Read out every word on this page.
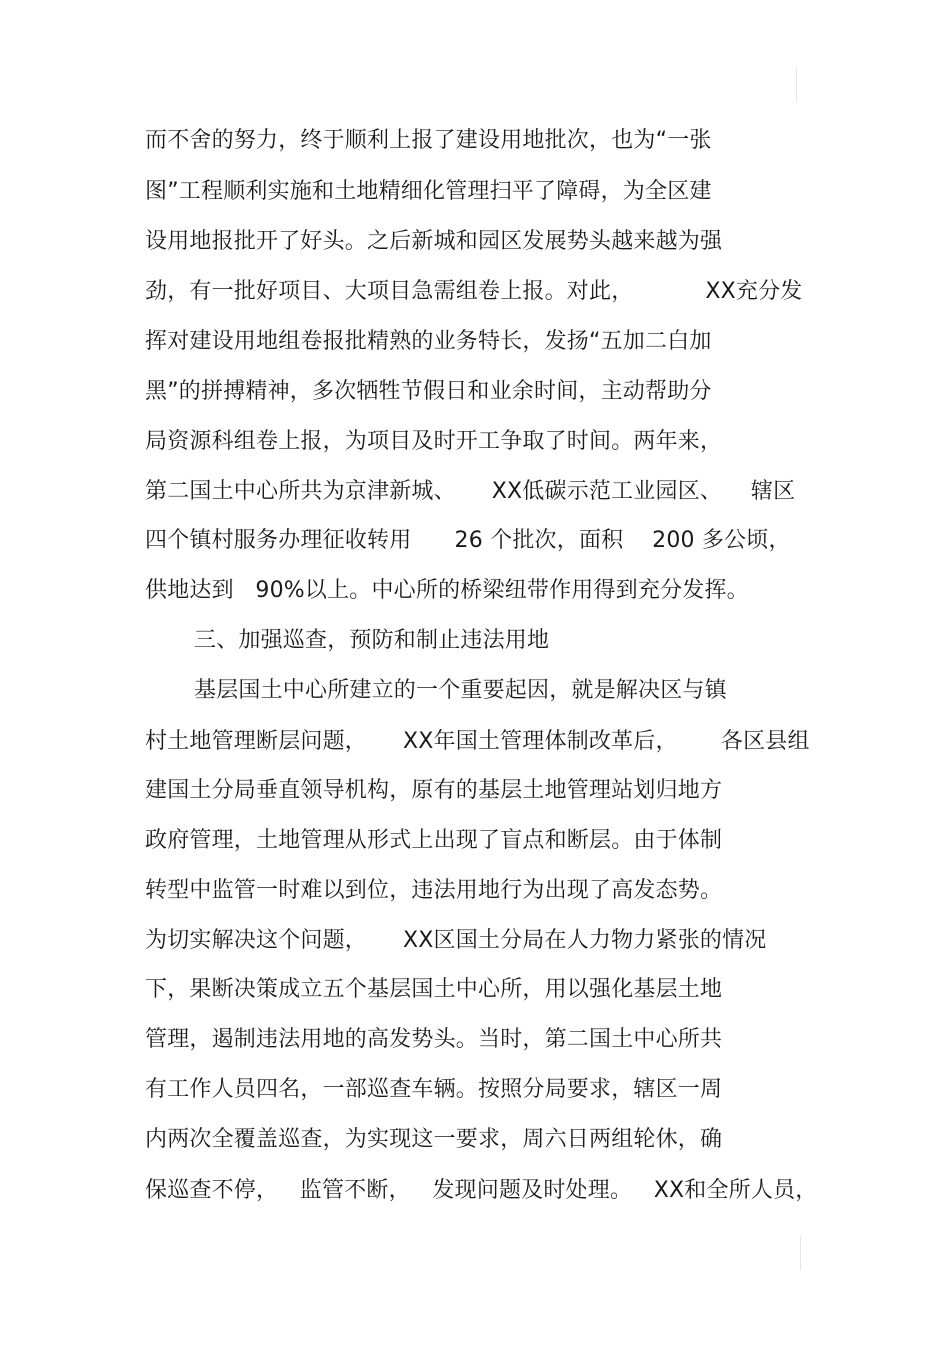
而不舍的努力，终于顺利上报了建设用地批次，也为“一张
图”工程顺利实施和土地精细化管理扫平了障碍，为全区建
设用地报批开了好头。之后新城和园区发展势头越来越为强
劲，有一批好项目、大项目急需组卷上报。对此，          XX充分发
挥对建设用地组卷报批精熟的业务特长，发扬“五加二白加
黑”的拼搏精神，多次牺牲节假日和业余时间，主动帮助分
局资源科组卷上报，为项目及时开工争取了时间。两年来，
第二国土中心所共为京津新城、     XX低碳示范工业园区、    辖区
四个镇村服务办理征收转用      26 个批次，面积    200 多公顷，
供地达到   90%以上。中心所的桥梁纽带作用得到充分发挥。
三、加强巡查，预防和制止违法用地
基层国土中心所建立的一个重要起因，就是解决区与镇
村土地管理断层问题，     XX年国土管理体制改革后，      各区县组
建国土分局垂直领导机构，原有的基层土地管理站划归地方
政府管理，土地管理从形式上出现了盲点和断层。由于体制
转型中监管一时难以到位，违法用地行为出现了高发态势。
为切实解决这个问题，     XX区国土分局在人力物力紧张的情况
下，果断决策成立五个基层国土中心所，用以强化基层土地
管理，遏制违法用地的高发势头。当时，第二国土中心所共
有工作人员四名，一部巡查车辆。按照分局要求，辖区一周
内两次全覆盖巡查，为实现这一要求，周六日两组轮休，确
保巡查不停，   监管不断，   发现问题及时处理。   XX和全所人员，
